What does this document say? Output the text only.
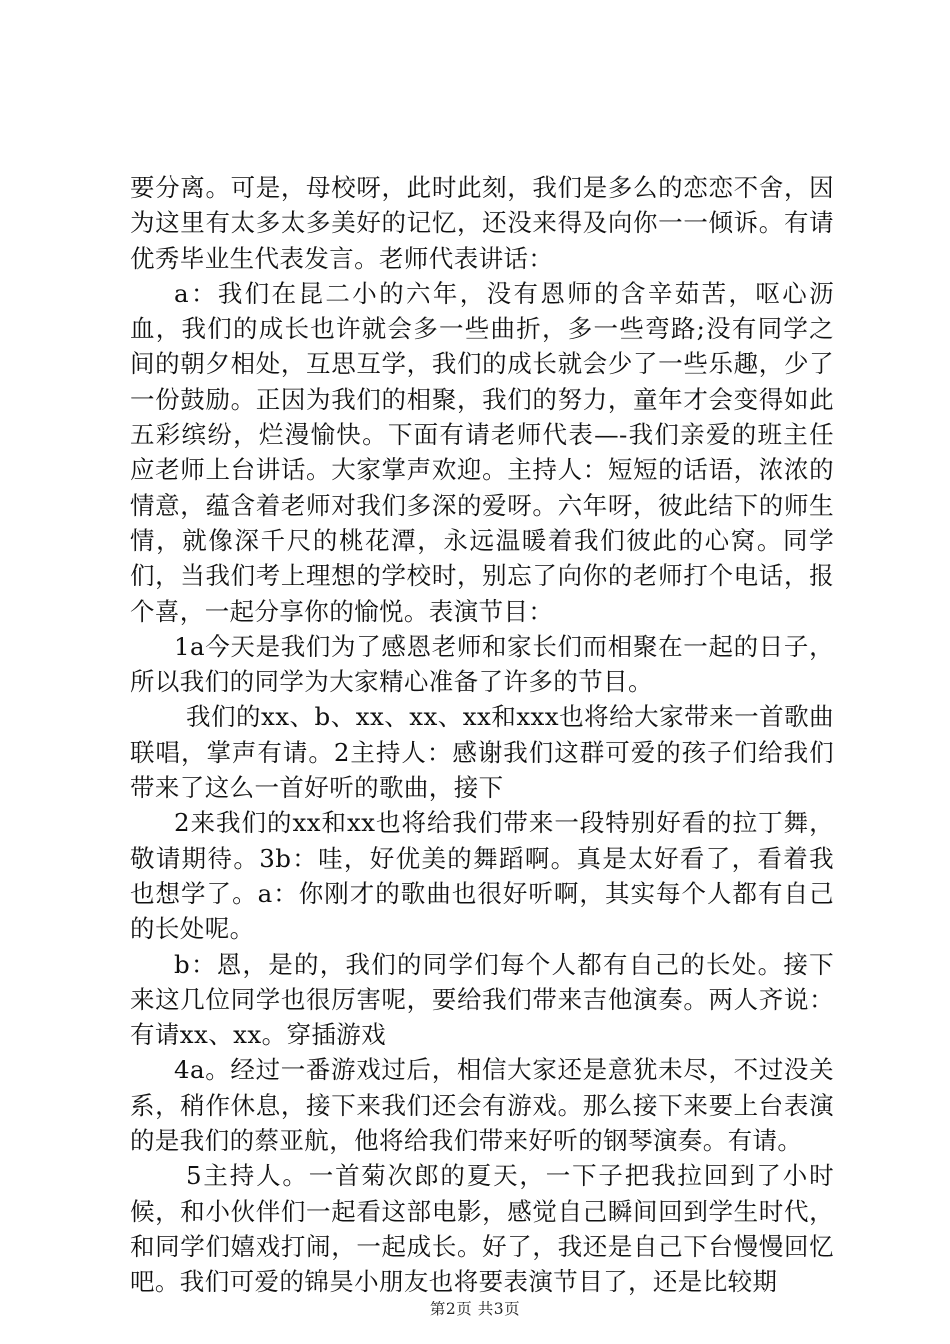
要分离。可是，母校呀，此时此刻，我们是多么的恋恋不舍，因为这里有太多太多美好的记忆，还没来得及向你一一倾诉。有请优秀毕业生代表发言。老师代表讲话：

a：我们在昆二小的六年，没有恩师的含辛茹苦，呕心沥血，我们的成长也许就会多一些曲折，多一些弯路;没有同学之间的朝夕相处，互思互学，我们的成长就会少了一些乐趣，少了一份鼓励。正因为我们的相聚，我们的努力，童年才会变得如此五彩缤纷，烂漫愉快。下面有请老师代表—-我们亲爱的班主任应老师上台讲话。大家掌声欢迎。主持人：短短的话语，浓浓的情意，蕴含着老师对我们多深的爱呀。六年呀，彼此结下的师生情，就像深千尺的桃花潭，永远温暖着我们彼此的心窝。同学们，当我们考上理想的学校时，别忘了向你的老师打个电话，报个喜，一起分享你的愉悦。表演节目：

1a今天是我们为了感恩老师和家长们而相聚在一起的日子，所以我们的同学为大家精心准备了许多的节目。

我们的xx、b、xx、xx、xx和xxx也将给大家带来一首歌曲联唱，掌声有请。2主持人：感谢我们这群可爱的孩子们给我们带来了这么一首好听的歌曲，接下

2来我们的xx和xx也将给我们带来一段特别好看的拉丁舞，敬请期待。3b：哇，好优美的舞蹈啊。真是太好看了，看着我也想学了。a：你刚才的歌曲也很好听啊，其实每个人都有自己的长处呢。

b：恩，是的，我们的同学们每个人都有自己的长处。接下来这几位同学也很厉害呢，要给我们带来吉他演奏。两人齐说：有请xx、xx。穿插游戏

4a。经过一番游戏过后，相信大家还是意犹未尽，不过没关系，稍作休息，接下来我们还会有游戏。那么接下来要上台表演的是我们的蔡亚航，他将给我们带来好听的钢琴演奏。有请。

5主持人。一首菊次郎的夏天，一下子把我拉回到了小时候，和小伙伴们一起看这部电影，感觉自己瞬间回到学生时代，和同学们嬉戏打闹，一起成长。好了，我还是自己下台慢慢回忆吧。我们可爱的锦昊小朋友也将要表演节目了，还是比较期

第2页 共3页
